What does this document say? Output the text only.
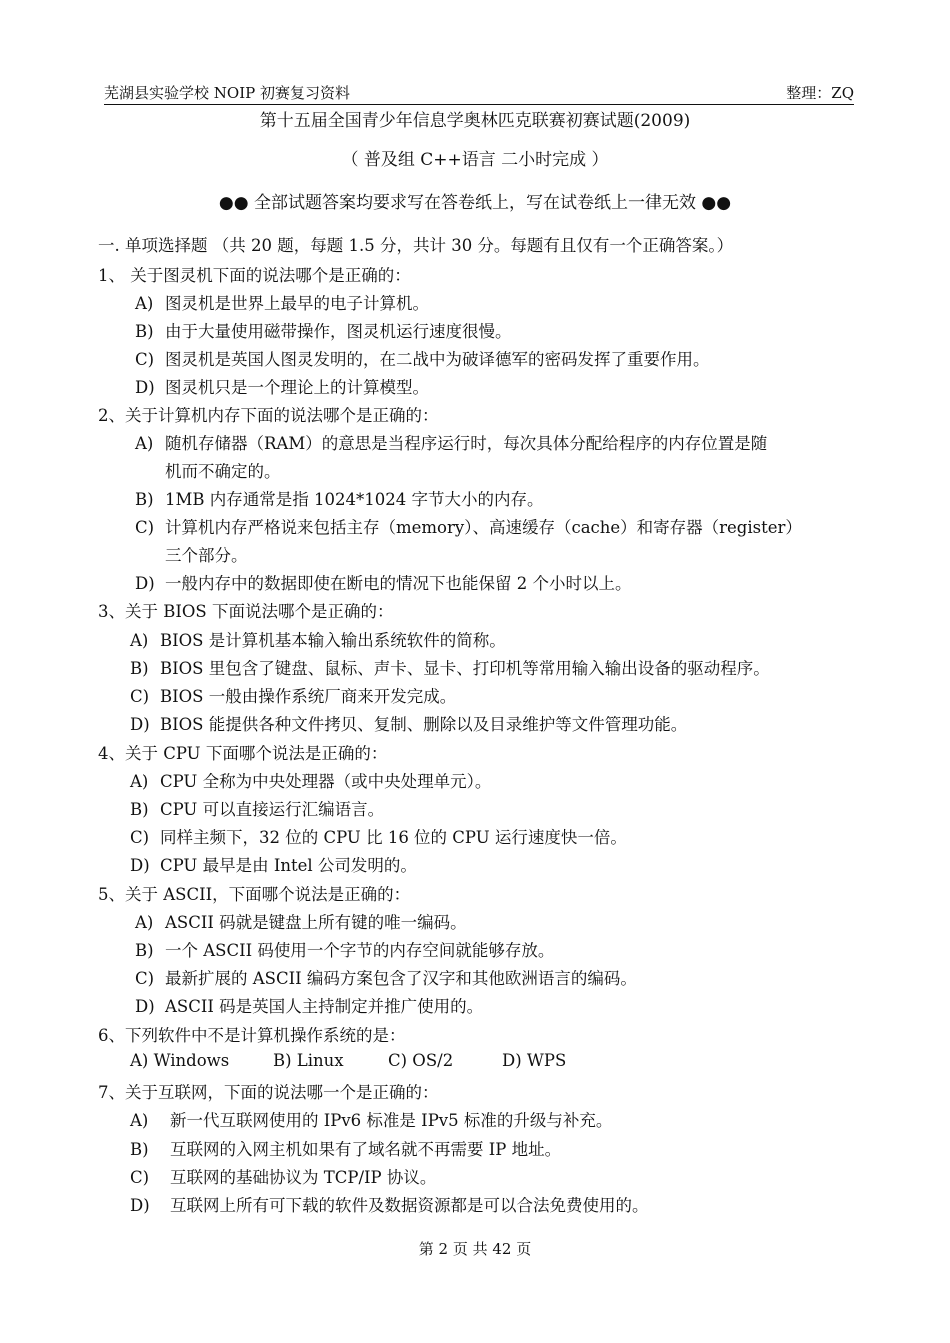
芜湖县实验学校 NOIP 初赛复习资料	整理：ZQ
第十五届全国青少年信息学奥林匹克联赛初赛试题(2009)
（ 普及组 C++语言 二小时完成 ）
●● 全部试题答案均要求写在答卷纸上，写在试卷纸上一律无效 ●●
一. 单项选择题 （共 20 题，每题 1.5 分，共计 30 分。每题有且仅有一个正确答案。）
1、 关于图灵机下面的说法哪个是正确的：
A) 图灵机是世界上最早的电子计算机。
B) 由于大量使用磁带操作，图灵机运行速度很慢。
C) 图灵机是英国人图灵发明的，在二战中为破译德军的密码发挥了重要作用。
D) 图灵机只是一个理论上的计算模型。
2、关于计算机内存下面的说法哪个是正确的：
A) 随机存储器（RAM）的意思是当程序运行时，每次具体分配给程序的内存位置是随
机而不确定的。
B) 1MB 内存通常是指 1024*1024 字节大小的内存。
C) 计算机内存严格说来包括主存（memory）、高速缓存（cache）和寄存器（register）
三个部分。
D) 一般内存中的数据即使在断电的情况下也能保留 2 个小时以上。
3、关于 BIOS 下面说法哪个是正确的：
A) BIOS 是计算机基本输入输出系统软件的简称。
B) BIOS 里包含了键盘、鼠标、声卡、显卡、打印机等常用输入输出设备的驱动程序。
C) BIOS 一般由操作系统厂商来开发完成。
D) BIOS 能提供各种文件拷贝、复制、删除以及目录维护等文件管理功能。
4、关于 CPU 下面哪个说法是正确的：
A) CPU 全称为中央处理器（或中央处理单元）。
B) CPU 可以直接运行汇编语言。
C) 同样主频下，32 位的 CPU 比 16 位的 CPU 运行速度快一倍。
D) CPU 最早是由 Intel 公司发明的。
5、关于 ASCII，下面哪个说法是正确的：
A) ASCII 码就是键盘上所有键的唯一编码。
B) 一个 ASCII 码使用一个字节的内存空间就能够存放。
C) 最新扩展的 ASCII 编码方案包含了汉字和其他欧洲语言的编码。
D) ASCII 码是英国人主持制定并推广使用的。
6、下列软件中不是计算机操作系统的是：
A) Windows	B) Linux	C) OS/2	D) WPS
7、关于互联网，下面的说法哪一个是正确的：
A) 新一代互联网使用的 IPv6 标准是 IPv5 标准的升级与补充。
B) 互联网的入网主机如果有了域名就不再需要 IP 地址。
C) 互联网的基础协议为 TCP/IP 协议。
D) 互联网上所有可下载的软件及数据资源都是可以合法免费使用的。
第 2 页 共 42 页
